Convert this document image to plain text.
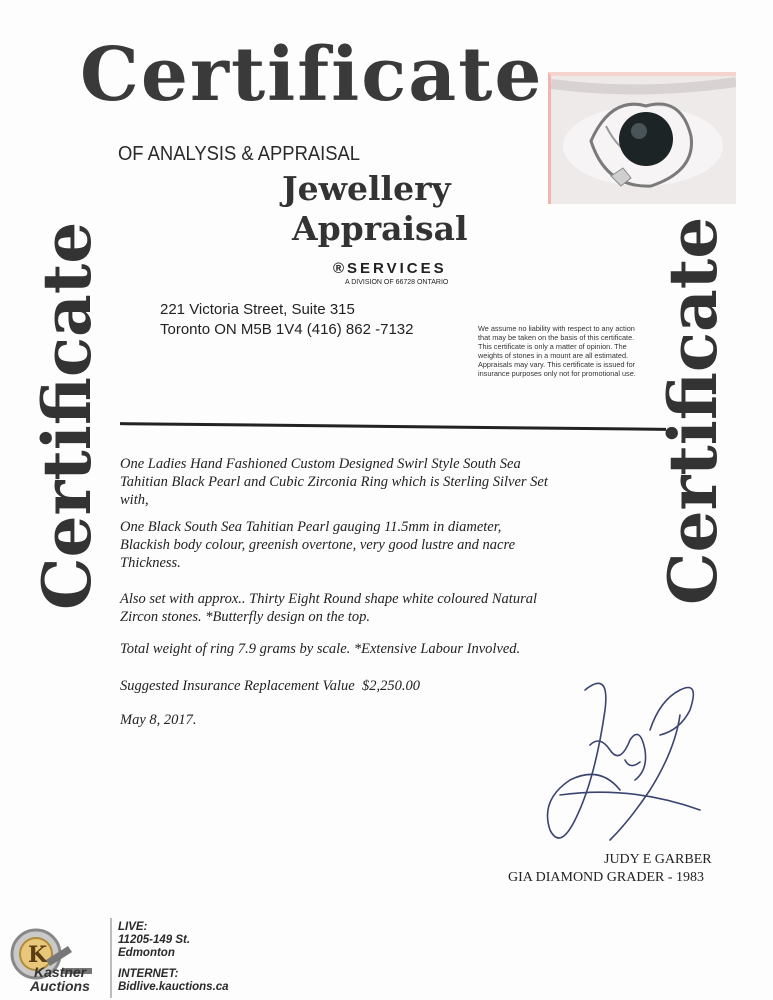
Certificate
OF ANALYSIS & APPRAISAL
Jewellery
Appraisal
®SERVICES
A DIVISION OF 66728 ONTARIO
221 Victoria Street, Suite 315
Toronto ON M5B 1V4 (416) 862 -7132	We assume no liability with respect to any action that may be taken on the basis of this certificate. This certificate is only a matter of opinion. The weights of stones in a mount are all estimated. Appraisals may vary. This certificate is issued for insurance purposes only not for promotional use.
Certificate	Certificate
One Ladies Hand Fashioned Custom Designed Swirl Style South Sea Tahitian Black Pearl and Cubic Zirconia Ring which is Sterling Silver Set with,
One Black South Sea Tahitian Pearl gauging 11.5mm in diameter, Blackish body colour, greenish overtone, very good lustre and nacre Thickness.
Also set with approx.. Thirty Eight Round shape white coloured Natural Zircon stones. *Butterfly design on the top.
Total weight of ring 7.9 grams by scale. *Extensive Labour Involved.
Suggested Insurance Replacement Value $2,250.00
May 8, 2017.
JUDY E GARBER
GIA DIAMOND GRADER - 1983
K
Kastner
Auctions
LIVE:
11205-149 St.
Edmonton
INTERNET:
Bidlive.kauctions.ca
